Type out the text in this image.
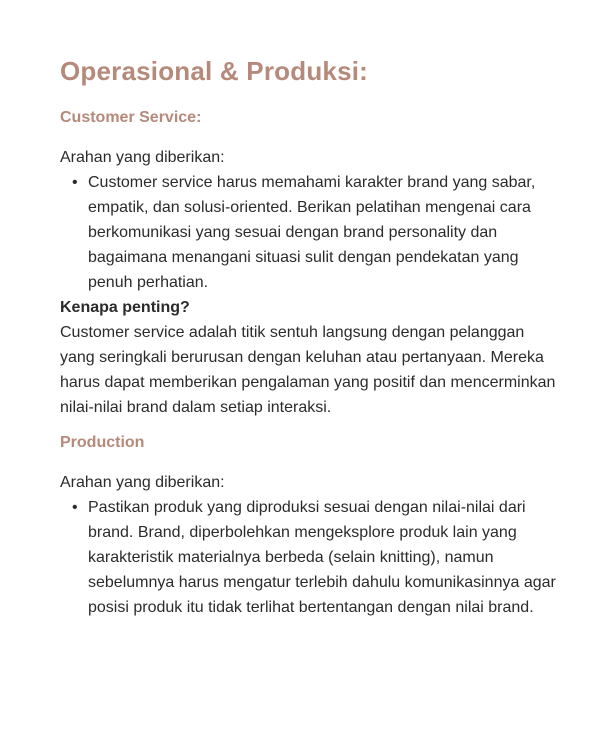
Operasional & Produksi:
Customer Service:

Arahan yang diberikan:

• Customer service harus memahami karakter brand yang sabar, empatik, dan solusi-oriented. Berikan pelatihan mengenai cara berkomunikasi yang sesuai dengan brand personality dan bagaimana menangani situasi sulit dengan pendekatan yang penuh perhatian.

Kenapa penting?

Customer service adalah titik sentuh langsung dengan pelanggan yang seringkali berurusan dengan keluhan atau pertanyaan. Mereka harus dapat memberikan pengalaman yang positif dan mencerminkan nilai-nilai brand dalam setiap interaksi.

Production

Arahan yang diberikan:

• Pastikan produk yang diproduksi sesuai dengan nilai-nilai dari brand. Brand, diperbolehkan mengeksplore produk lain yang karakteristik materialnya berbeda (selain knitting), namun sebelumnya harus mengatur terlebih dahulu komunikasinnya agar posisi produk itu tidak terlihat bertentangan dengan nilai brand.
